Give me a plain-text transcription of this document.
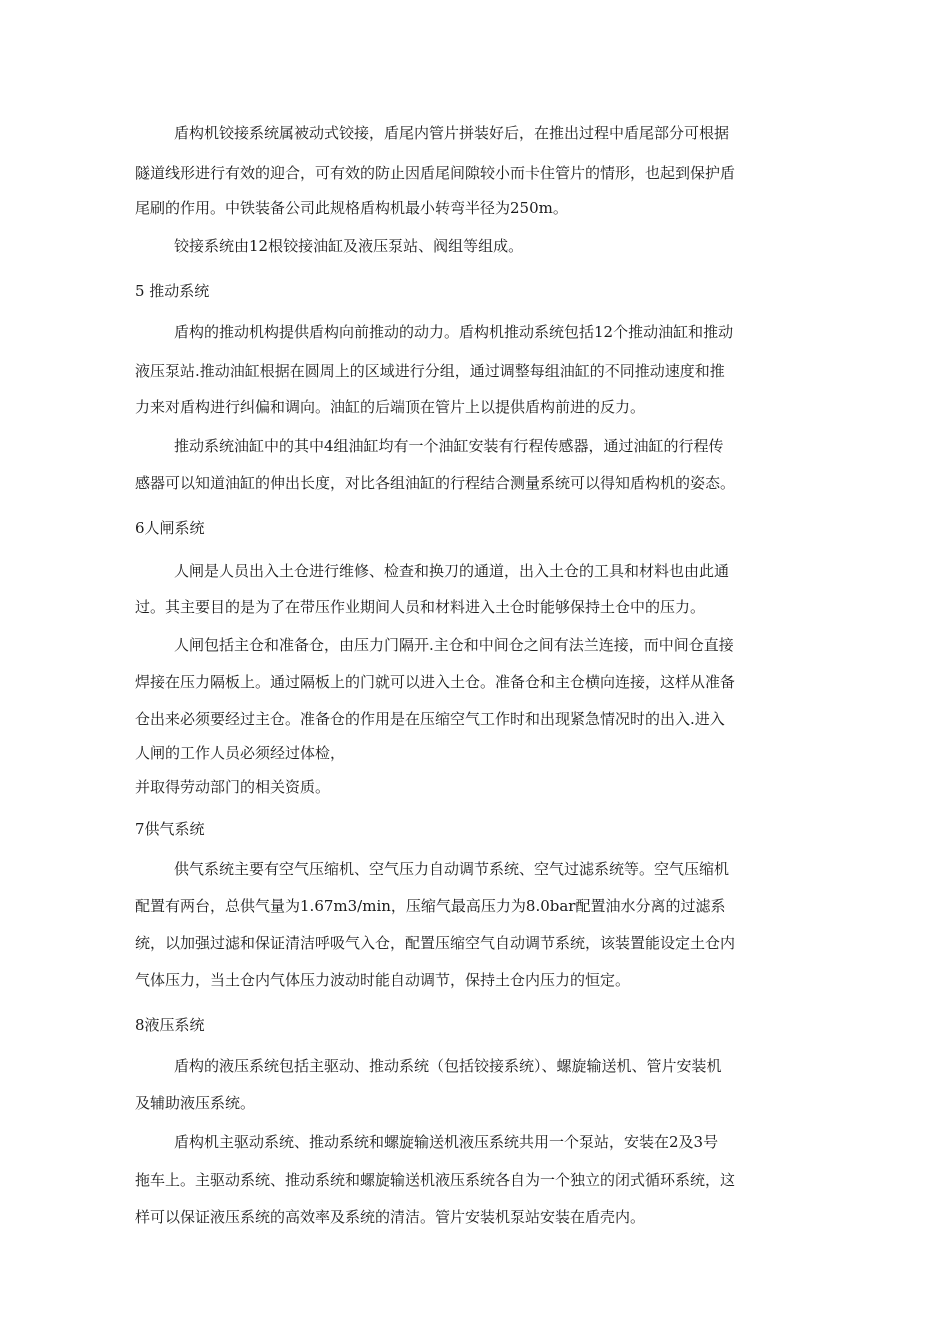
盾构机铰接系统属被动式铰接，盾尾内管片拼装好后，在推出过程中盾尾部分可根据
隧道线形进行有效的迎合，可有效的防止因盾尾间隙较小而卡住管片的情形，也起到保护盾
尾刷的作用。中铁装备公司此规格盾构机最小转弯半径为250m。
铰接系统由12根铰接油缸及液压泵站、阀组等组成。
5 推动系统
盾构的推动机构提供盾构向前推动的动力。盾构机推动系统包括12个推动油缸和推动
液压泵站.推动油缸根据在圆周上的区域进行分组，通过调整每组油缸的不同推动速度和推
力来对盾构进行纠偏和调向。油缸的后端顶在管片上以提供盾构前进的反力。
推动系统油缸中的其中4组油缸均有一个油缸安装有行程传感器，通过油缸的行程传
感器可以知道油缸的伸出长度，对比各组油缸的行程结合测量系统可以得知盾构机的姿态。
6人闸系统
人闸是人员出入土仓进行维修、检查和换刀的通道，出入土仓的工具和材料也由此通
过。其主要目的是为了在带压作业期间人员和材料进入土仓时能够保持土仓中的压力。
人闸包括主仓和准备仓，由压力门隔开.主仓和中间仓之间有法兰连接，而中间仓直接
焊接在压力隔板上。通过隔板上的门就可以进入土仓。准备仓和主仓横向连接，这样从准备
仓出来必须要经过主仓。准备仓的作用是在压缩空气工作时和出现紧急情况时的出入.进入
人闸的工作人员必须经过体检，
并取得劳动部门的相关资质。
7供气系统
供气系统主要有空气压缩机、空气压力自动调节系统、空气过滤系统等。空气压缩机
配置有两台，总供气量为1.67m3/min，压缩气最高压力为8.0bar配置油水分离的过滤系
统，以加强过滤和保证清洁呼吸气入仓，配置压缩空气自动调节系统，该装置能设定土仓内
气体压力，当土仓内气体压力波动时能自动调节，保持土仓内压力的恒定。
8液压系统
盾构的液压系统包括主驱动、推动系统（包括铰接系统）、螺旋输送机、管片安装机
及辅助液压系统。
盾构机主驱动系统、推动系统和螺旋输送机液压系统共用一个泵站，安装在2及3号
拖车上。主驱动系统、推动系统和螺旋输送机液压系统各自为一个独立的闭式循环系统，这
样可以保证液压系统的高效率及系统的清洁。管片安装机泵站安装在盾壳内。
